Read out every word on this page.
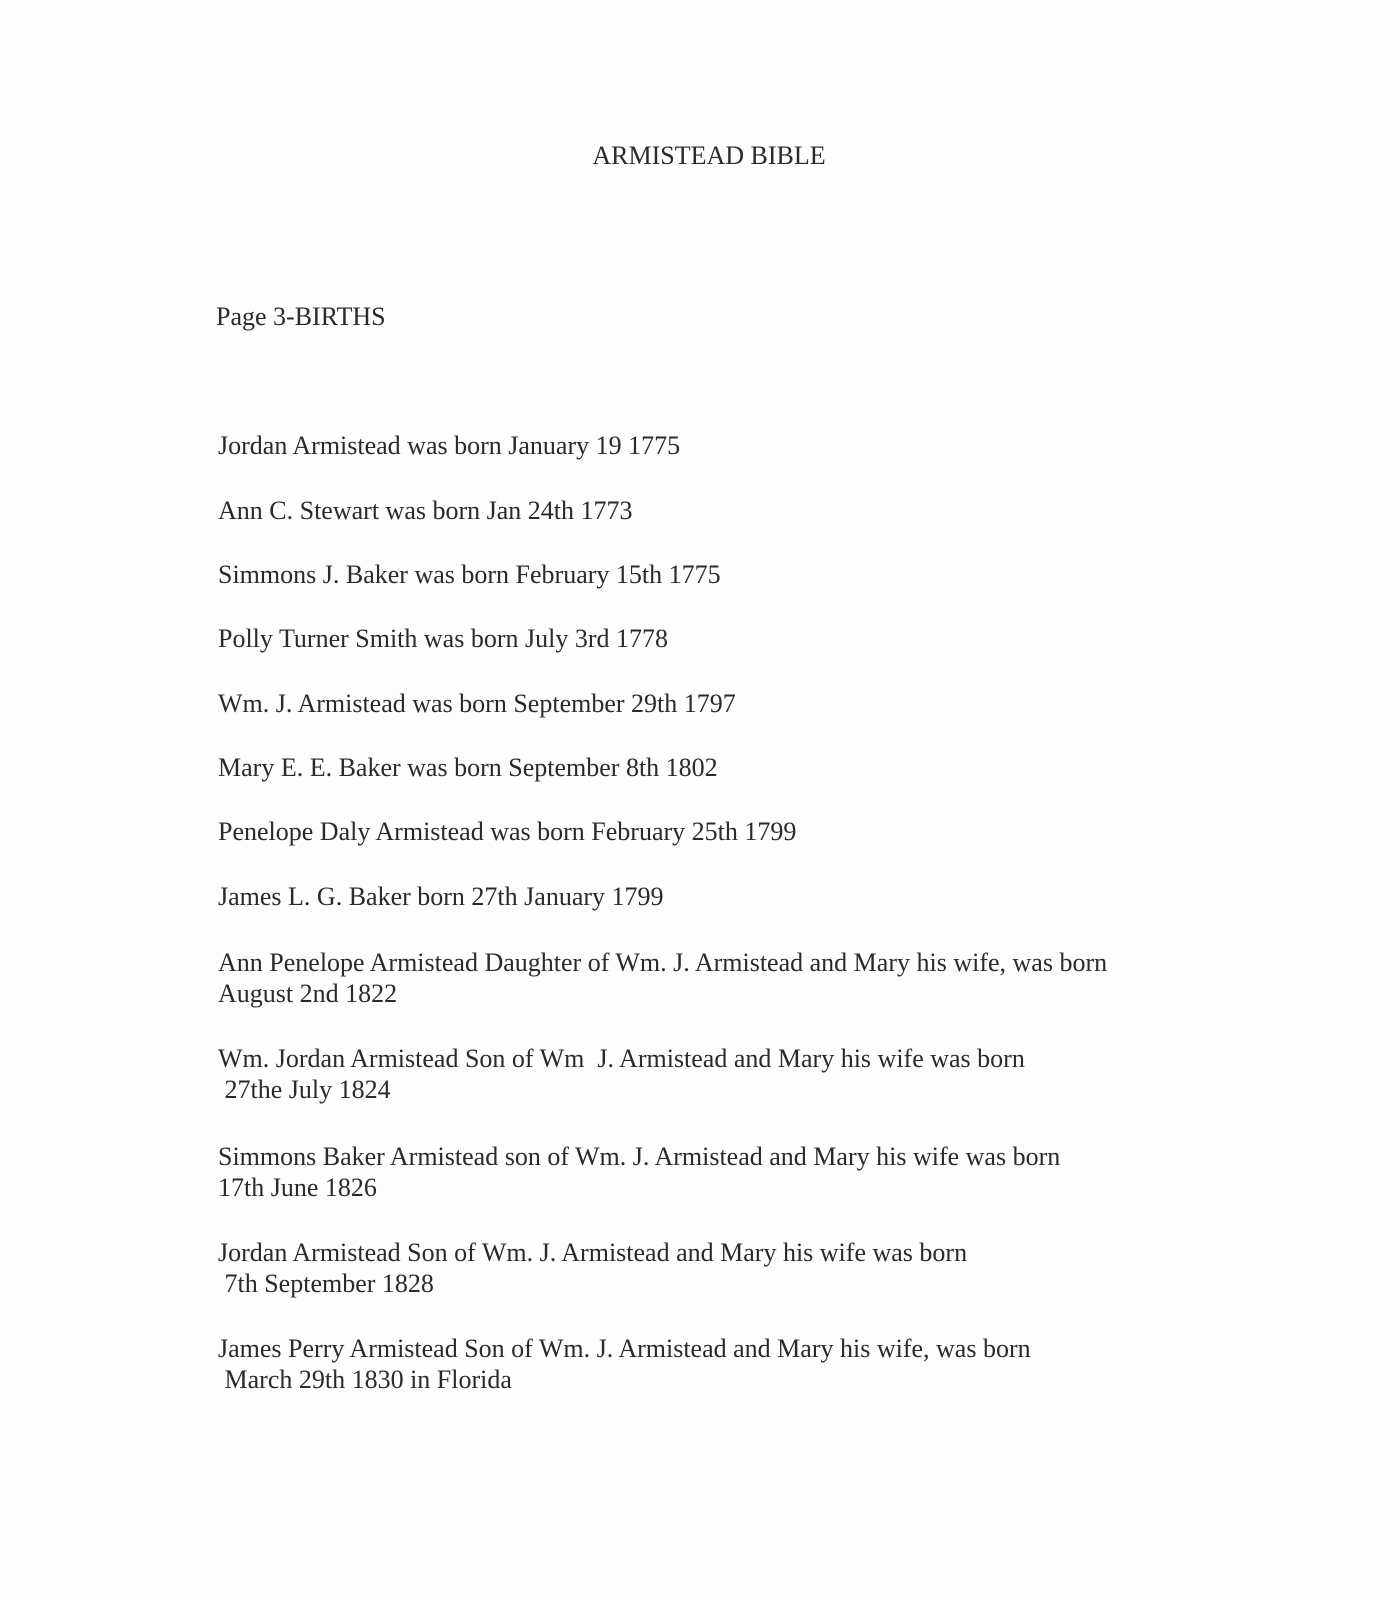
ARMISTEAD BIBLE
Page 3-BIRTHS
Jordan Armistead was born January 19 1775
Ann C. Stewart was born Jan 24th 1773
Simmons J. Baker was born February 15th 1775
Polly Turner Smith was born July 3rd 1778
Wm. J. Armistead was born September 29th 1797
Mary E. E. Baker was born September 8th 1802
Penelope Daly Armistead was born February 25th 1799
James L. G. Baker born 27th January 1799
Ann Penelope Armistead Daughter of Wm. J. Armistead and Mary his wife, was born
August 2nd 1822
Wm. Jordan Armistead Son of Wm  J. Armistead and Mary his wife was born
27the July 1824
Simmons Baker Armistead son of Wm. J. Armistead and Mary his wife was born
17th June 1826
Jordan Armistead Son of Wm. J. Armistead and Mary his wife was born
7th September 1828
James Perry Armistead Son of Wm. J. Armistead and Mary his wife, was born
March 29th 1830 in Florida
